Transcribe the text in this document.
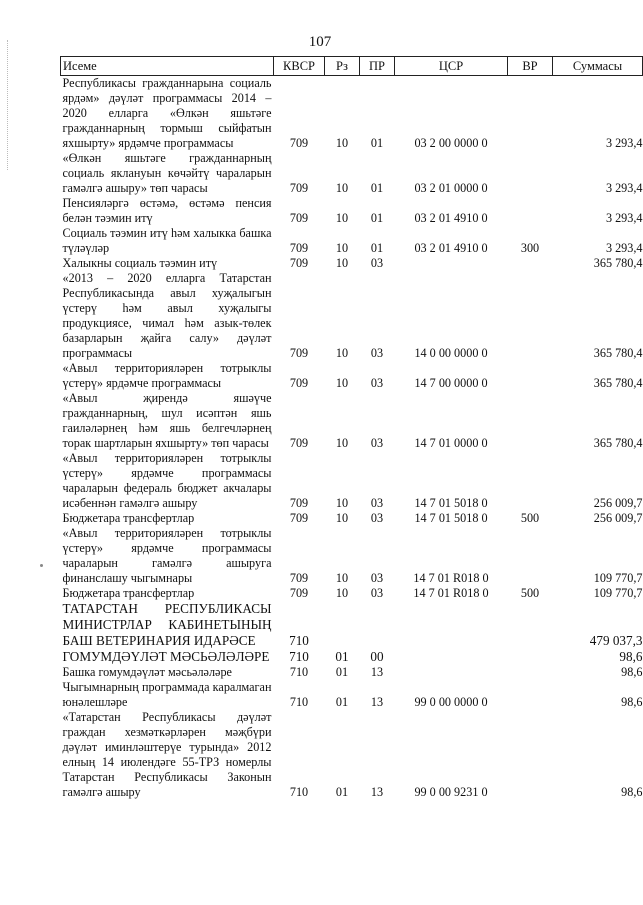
107
Исеме	КВСР	Рз	ПР	ЦСР	ВР	Суммасы
Республикасы гражданнарына социаль ярдәм» дәүләт программасы 2014 – 2020 елларга «Өлкән яшьтәге гражданнарның тормыш сыйфатын яхшырту» ярдәмче программасы	709	10	01	03 2 00 0000 0		3 293,4
«Өлкән яшьтәге гражданнарның социаль яклануын көчәйтү чараларын гамәлгә ашыру» төп чарасы	709	10	01	03 2 01 0000 0		3 293,4
Пенсияләргә өстәмә, өстәмә пенсия белән тәэмин итү	709	10	01	03 2 01 4910 0		3 293,4
Социаль тәэмин итү һәм халыкка башка түләүләр	709	10	01	03 2 01 4910 0	300	3 293,4
Халыкны социаль тәэмин итү	709	10	03			365 780,4
«2013 – 2020 елларга Татарстан Республикасында авыл хуҗалыгын үстерү һәм авыл хуҗалыгы продукциясе, чимал һәм азык-төлек базарларын җайга салу» дәүләт программасы	709	10	03	14 0 00 0000 0		365 780,4
«Авыл территорияләрен тотрыклы үстерү» ярдәмче программасы	709	10	03	14 7 00 0000 0		365 780,4
«Авыл җирендә яшәүче гражданнарның, шул исәптән яшь гаиләләрнең һәм яшь белгечләрнең торак шартларын яхшырту» төп чарасы	709	10	03	14 7 01 0000 0		365 780,4
«Авыл территорияләрен тотрыклы үстерү» ярдәмче программасы чараларын федераль бюджет акчалары исәбеннән гамәлгә ашыру	709	10	03	14 7 01 5018 0		256 009,7
Бюджетара трансфертлар	709	10	03	14 7 01 5018 0	500	256 009,7
«Авыл территорияләрен тотрыклы үстерү» ярдәмче программасы чараларын гамәлгә ашыруга финанслашу чыгымнары	709	10	03	14 7 01 R018 0		109 770,7
Бюджетара трансфертлар	709	10	03	14 7 01 R018 0	500	109 770,7
ТАТАРСТАН РЕСПУБЛИКАСЫ МИНИСТРЛАР КАБИНЕТЫНЫҢ БАШ ВЕТЕРИНАРИЯ ИДАРӘСЕ	710					479 037,3
ГОМУМДӘҮЛӘТ МӘСЬӘЛӘЛӘРЕ	710	01	00			98,6
Башка гомумдәүләт мәсьәләләре	710	01	13			98,6
Чыгымнарның программада каралмаган юнәлешләре	710	01	13	99 0 00 0000 0		98,6
«Татарстан Республикасы дәүләт граждан хезмәткәрләрен мәҗбүри дәүләт иминләштерүе турында» 2012 елның 14 июлендәге 55-ТРЗ номерлы Татарстан Республикасы Законын гамәлгә ашыру	710	01	13	99 0 00 9231 0		98,6
